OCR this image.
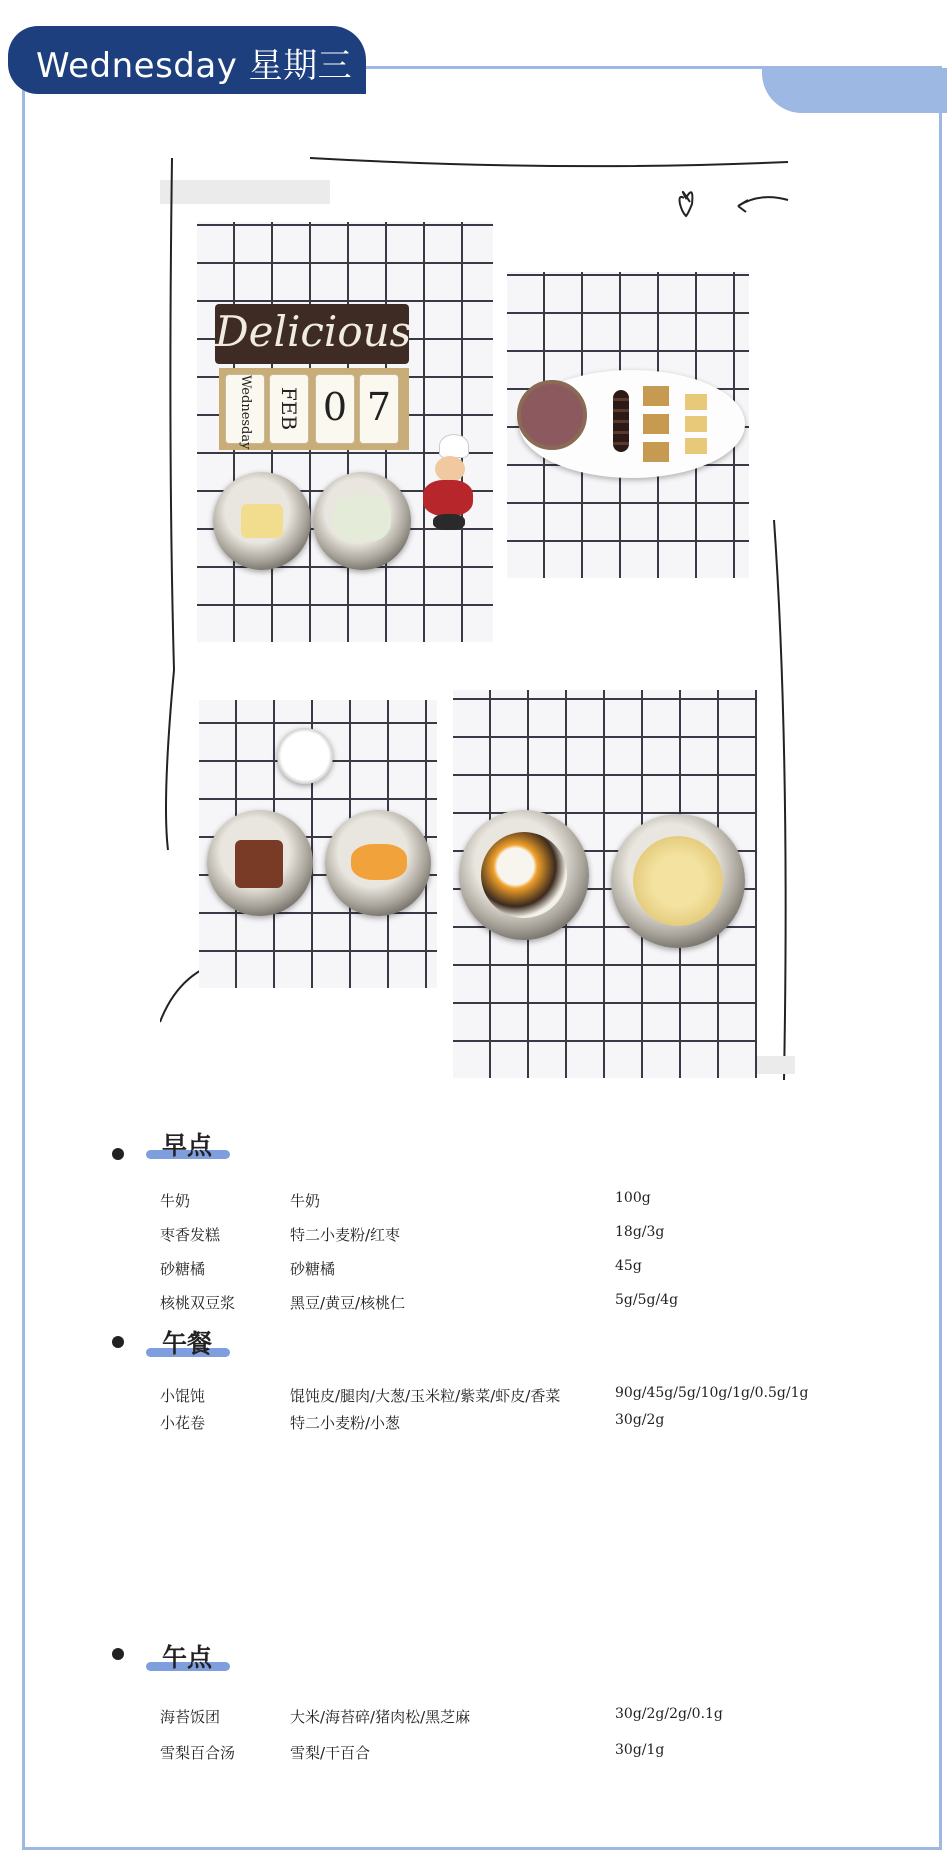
Wednesday 星期三
Delicious
Wednesday	FEB 0 7
早点
牛奶	牛奶	100g
枣香发糕	特二小麦粉/红枣	18g/3g
砂糖橘	砂糖橘	45g
核桃双豆浆	黑豆/黄豆/核桃仁	5g/5g/4g
午餐
小馄饨	馄饨皮/腿肉/大葱/玉米粒/紫菜/虾皮/香菜	90g/45g/5g/10g/1g/0.5g/1g
小花卷	特二小麦粉/小葱	30g/2g
午点
海苔饭团	大米/海苔碎/猪肉松/黑芝麻	30g/2g/2g/0.1g
雪梨百合汤	雪梨/干百合	30g/1g
